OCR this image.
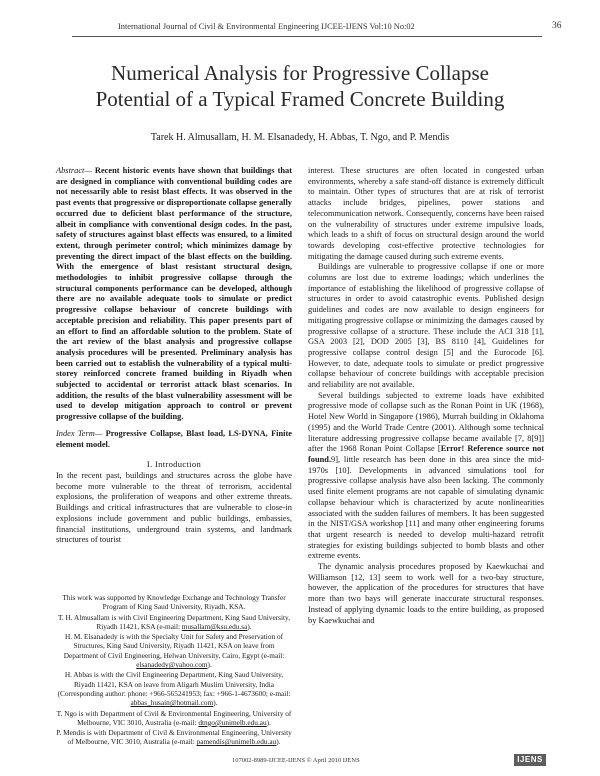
International Journal of Civil & Environmental Engineering IJCEE-IJENS Vol:10 No:02	36
Numerical Analysis for Progressive Collapse
Potential of a Typical Framed Concrete Building
Tarek H. Almusallam, H. M. Elsanadedy, H. Abbas, T. Ngo, and P. Mendis

Abstract— Recent historic events have shown that buildings that are designed in compliance with conventional building codes are not necessarily able to resist blast effects. It was observed in the past events that progressive or disproportionate collapse generally occurred due to deficient blast performance of the structure, albeit in compliance with conventional design codes. In the past, safety of structures against blast effects was ensured, to a limited extent, through perimeter control; which minimizes damage by preventing the direct impact of the blast effects on the building. With the emergence of blast resistant structural design, methodologies to inhibit progressive collapse through the structural components performance can be developed, although there are no available adequate tools to simulate or predict progressive collapse behaviour of concrete buildings with acceptable precision and reliability. This paper presents part of an effort to find an affordable solution to the problem. State of the art review of the blast analysis and progressive collapse analysis procedures will be presented. Preliminary analysis has been carried out to establish the vulnerability of a typical multi-storey reinforced concrete framed building in Riyadh when subjected to accidental or terrorist attack blast scenarios. In addition, the results of the blast vulnerability assessment will be used to develop mitigation approach to control or prevent progressive collapse of the building.

Index Term— Progressive Collapse, Blast load, LS-DYNA, Finite element model.

I. Introduction

In the recent past, buildings and structures across the globe have become more vulnerable to the threat of terrorism, accidental explosions, the proliferation of weapons and other extreme threats. Buildings and critical infrastructures that are vulnerable to close-in explosions include government and public buildings, embassies, financial institutions, underground train systems, and landmark structures of tourist

This work was supported by Knowledge Exchange and Technology Transfer Program of King Saud University, Riyadh, KSA.

T. H. Almusallam is with Civil Engineering Department, King Saud University, Riyadh 11421, KSA (e-mail: musallam@ksu.edu.sa).

H. M. Elsanadedy is with the Specialty Unit for Safety and Preservation of Structures, King Saud University, Riyadh 11421, KSA on leave from Department of Civil Engineering, Helwan University, Cairo, Egypt (e-mail: elsanadedy@yahoo.com).

H. Abbas is with the Civil Engineering Department, King Saud University, Riyadh 11421, KSA on leave from Aligarh Muslim University, India (Corresponding author: phone: +966-565241953; fax: +966-1-4673600; e-mail: abbas_husain@hotmail.com).

T. Ngo is with Department of Civil & Environmental Engineering, University of Melbourne, VIC 3010, Australia (e-mail: dtngo@unimelb.edu.au).

P. Mendis is with Department of Civil & Environmental Engineering, University of Melbourne, VIC 3010, Australia (e-mail: pamendis@unimelb.edu.au).

interest. These structures are often located in congested urban environments, whereby a safe stand-off distance is extremely difficult to maintain. Other types of structures that are at risk of terrorist attacks include bridges, pipelines, power stations and telecommunication network. Consequently, concerns have been raised on the vulnerability of structures under extreme impulsive loads, which leads to a shift of focus on structural design around the world towards developing cost-effective protective technologies for mitigating the damage caused during such extreme events.

Buildings are vulnerable to progressive collapse if one or more columns are lost due to extreme loadings; which underlines the importance of establishing the likelihood of progressive collapse of structures in order to avoid catastrophic events. Published design guidelines and codes are now available to design engineers for mitigating progressive collapse or minimizing the damages caused by progressive collapse of a structure. These include the ACI 318 [1], GSA 2003 [2], DOD 2005 [3], BS 8110 [4], Guidelines for progressive collapse control design [5] and the Eurocode [6]. However, to date, adequate tools to simulate or predict progressive collapse behaviour of concrete buildings with acceptable precision and reliability are not available.

Several buildings subjected to extreme loads have exhibited progressive mode of collapse such as the Ronan Point in UK (1968), Hotel New World in Singapore (1986), Murrah building in Oklahoma (1995) and the World Trade Centre (2001). Although some technical literature addressing progressive collapse became available [7, 8[9]] after the 1968 Ronan Point Collapse [Error! Reference source not found.9], little research has been done in this area since the mid-1970s [10]. Developments in advanced simulations tool for progressive collapse analysis have also been lacking. The commonly used finite element programs are not capable of simulating dynamic collapse behaviour which is characterized by acute nonlinearities associated with the sudden failures of members. It has been suggested in the NIST/GSA workshop [11] and many other engineering forums that urgent research is needed to develop multi-hazard retrofit strategies for existing buildings subjected to bomb blasts and other extreme events.

The dynamic analysis procedures proposed by Kaewkuchai and Williamson [12, 13] seem to work well for a two-bay structure, however, the application of the procedures for structures that have more than two bays will generate inaccurate structural responses. Instead of applying dynamic loads to the entire building, as proposed by Kaewkuchai and

107002-8989-IJCEE-IJENS © April 2010 IJENS	IJENS
